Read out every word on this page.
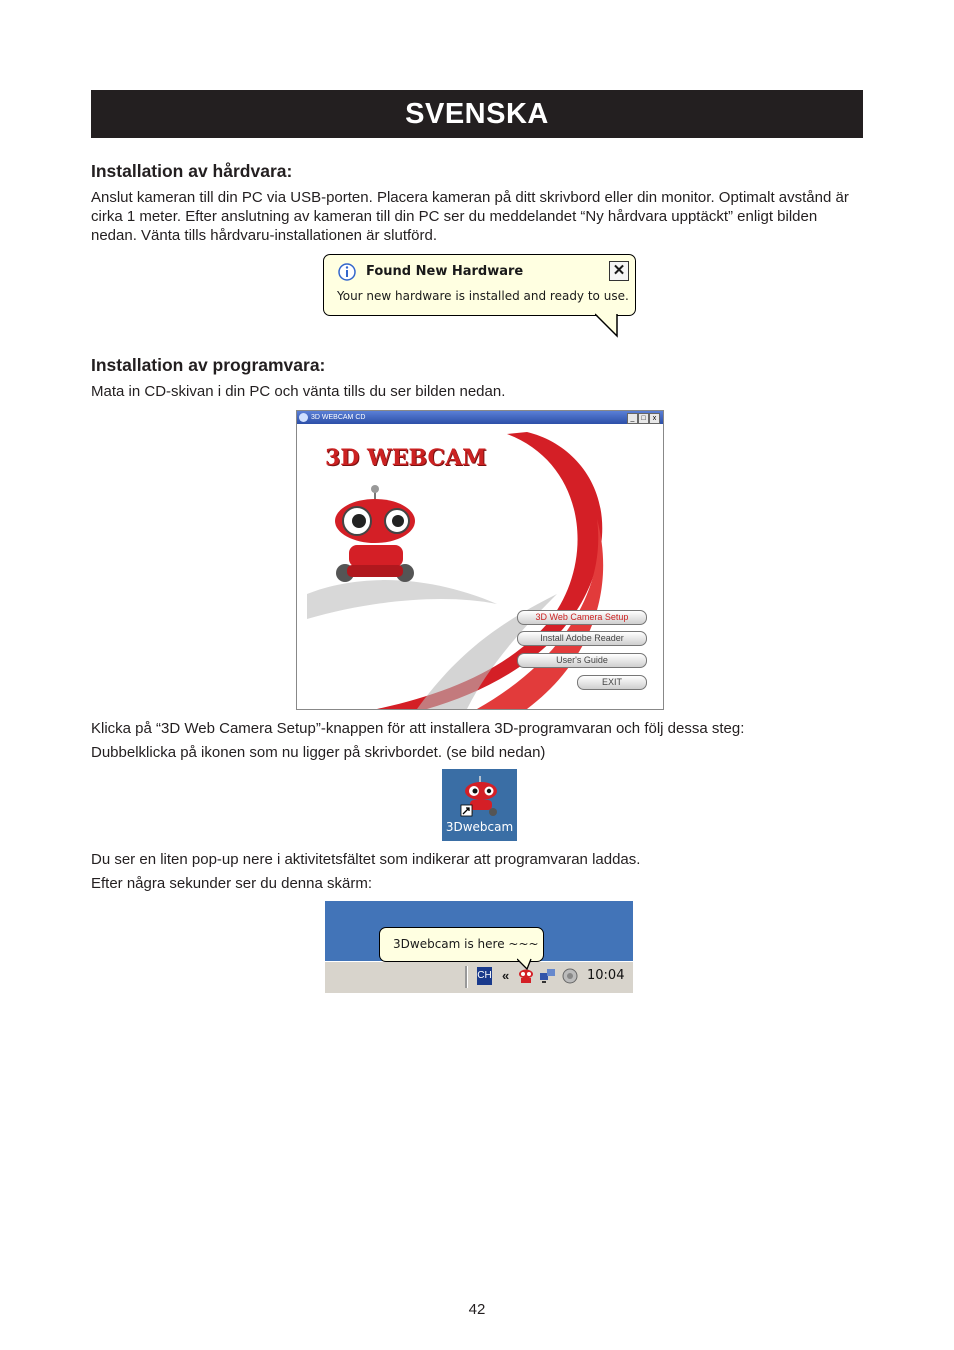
SVENSKA
Installation av hårdvara:
Anslut kameran till din PC via USB-porten. Placera kameran på ditt skrivbord eller din monitor. Optimalt avstånd är cirka 1 meter. Efter anslutning av kameran till din PC ser du meddelandet “Ny hårdvara upptäckt” enligt bilden nedan. Vänta tills hårdvaru-installationen är slutförd.
Found New Hardware
Your new hardware is installed and ready to use.
✕
Installation av programvara:
Mata in CD-skivan i din PC och vänta tills du ser bilden nedan.
3D WEBCAM CD	_ □	x
3D WEBCAM
3D Web Camera Setup
Install Adobe Reader
User's Guide
EXIT
Klicka på “3D Web Camera Setup”-knappen för att installera 3D-programvaran och följ dessa steg:
Dubbelklicka på ikonen som nu ligger på skrivbordet. (se bild nedan)
3Dwebcam
Du ser en liten pop-up nere i aktivitetsfältet som indikerar att programvaran laddas.
Efter några sekunder ser du denna skärm:
CH «
3Dwebcam is here ~~~
10:04
42
